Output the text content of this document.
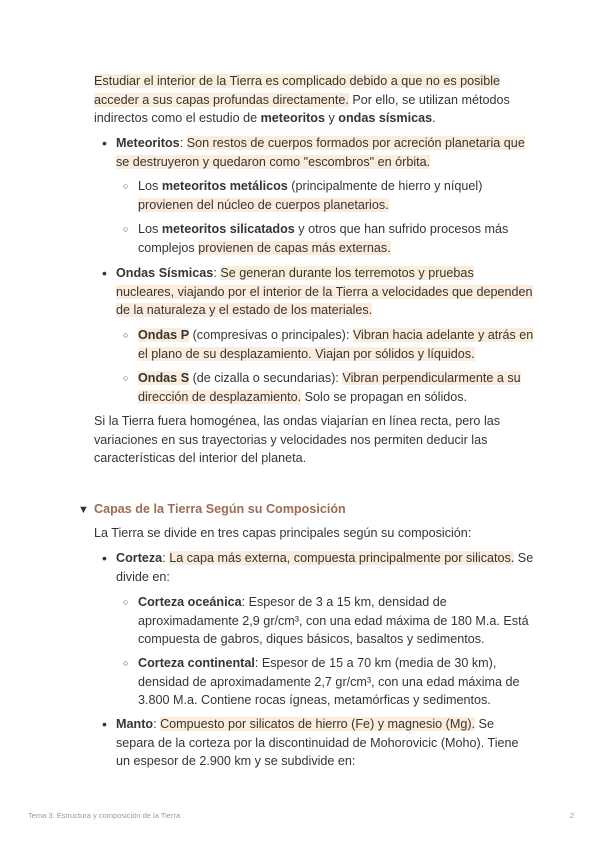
Estudiar el interior de la Tierra es complicado debido a que no es posible acceder a sus capas profundas directamente. Por ello, se utilizan métodos indirectos como el estudio de meteoritos y ondas sísmicas.

• Meteoritos: Son restos de cuerpos formados por acreción planetaria que se destruyeron y quedaron como "escombros" en órbita.
○ Los meteoritos metálicos (principalmente de hierro y níquel) provienen del núcleo de cuerpos planetarios.
○ Los meteoritos silicatados y otros que han sufrido procesos más complejos provienen de capas más externas.
• Ondas Sísmicas: Se generan durante los terremotos y pruebas nucleares, viajando por el interior de la Tierra a velocidades que dependen de la naturaleza y el estado de los materiales.
○ Ondas P (compresivas o principales): Vibran hacia adelante y atrás en el plano de su desplazamiento. Viajan por sólidos y líquidos.
○ Ondas S (de cizalla o secundarias): Vibran perpendicularmente a su dirección de desplazamiento. Solo se propagan en sólidos.

Si la Tierra fuera homogénea, las ondas viajarían en línea recta, pero las variaciones en sus trayectorias y velocidades nos permiten deducir las características del interior del planeta.

▼ Capas de la Tierra Según su Composición

La Tierra se divide en tres capas principales según su composición:

• Corteza: La capa más externa, compuesta principalmente por silicatos. Se divide en:
○ Corteza oceánica: Espesor de 3 a 15 km, densidad de aproximadamente 2,9 gr/cm³, con una edad máxima de 180 M.a. Está compuesta de gabros, diques básicos, basaltos y sedimentos.
○ Corteza continental: Espesor de 15 a 70 km (media de 30 km), densidad de aproximadamente 2,7 gr/cm³, con una edad máxima de 3.800 M.a. Contiene rocas ígneas, metamórficas y sedimentos.
• Manto: Compuesto por silicatos de hierro (Fe) y magnesio (Mg). Se separa de la corteza por la discontinuidad de Mohorovicic (Moho). Tiene un espesor de 2.900 km y se subdivide en:
Tema 3: Estructura y composición de la Tierra	2
